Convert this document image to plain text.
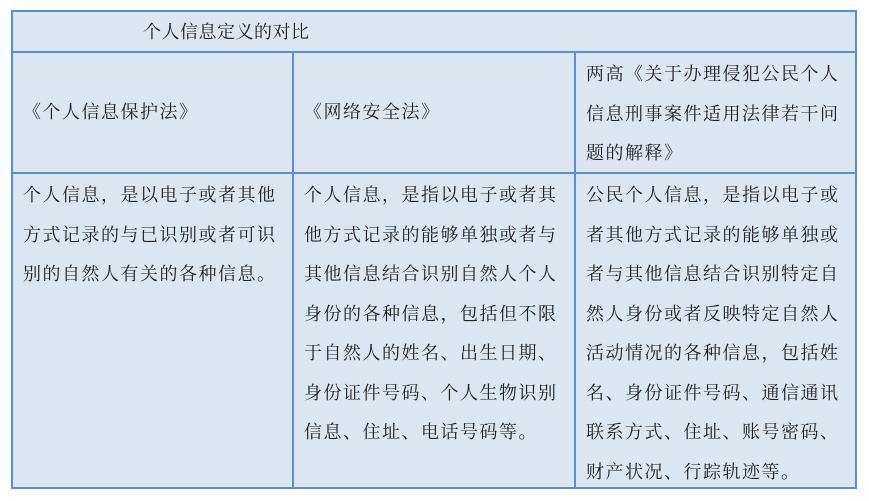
个人信息定义的对比
《个人信息保护法》	《网络安全法》
两高《关于办理侵犯公民个人信息刑事案件适用法律若干问题的解释》
个人信息，是以电子或者其他方式记录的与已识别或者可识别的自然人有关的各种信息。
个人信息，是指以电子或者其他方式记录的能够单独或者与其他信息结合识别自然人个人身份的各种信息，包括但不限于自然人的姓名、出生日期、身份证件号码、个人生物识别信息、住址、电话号码等。
公民个人信息，是指以电子或者其他方式记录的能够单独或者与其他信息结合识别特定自然人身份或者反映特定自然人活动情况的各种信息，包括姓名、身份证件号码、通信通讯联系方式、住址、账号密码、财产状况、行踪轨迹等。
